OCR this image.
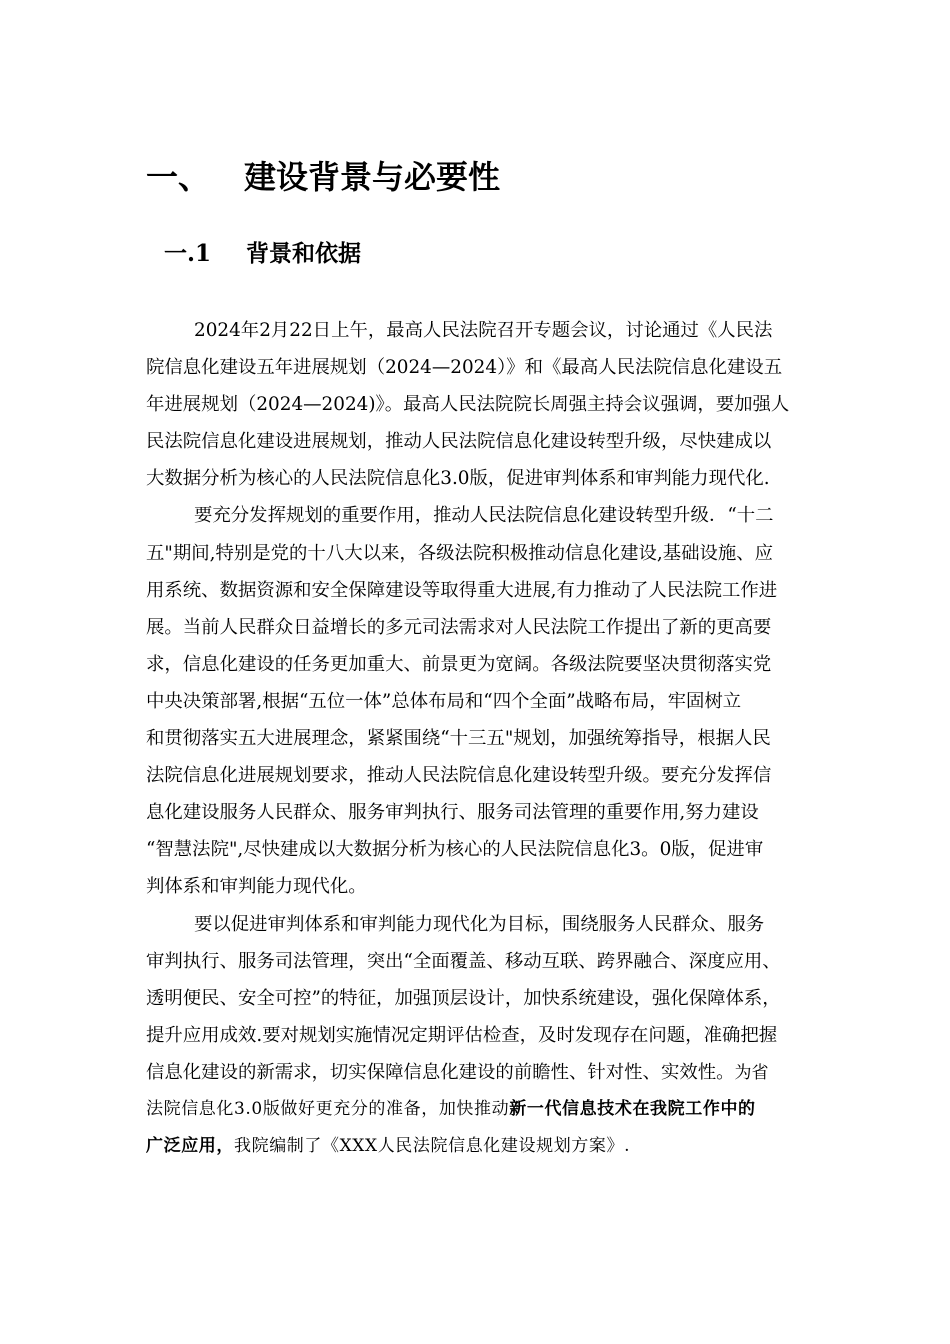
一、 建设背景与必要性
一.1 背景和依据
2024年2月22日上午，最高人民法院召开专题会议，讨论通过《人民法
院信息化建设五年进展规划（2024—2024）》和《最高人民法院信息化建设五
年进展规划（2024—2024)》。最高人民法院院长周强主持会议强调，要加强人
民法院信息化建设进展规划，推动人民法院信息化建设转型升级，尽快建成以
大数据分析为核心的人民法院信息化3.0版，促进审判体系和审判能力现代化.
要充分发挥规划的重要作用，推动人民法院信息化建设转型升级．“十二
五"期间,特别是党的十八大以来，各级法院积极推动信息化建设,基础设施、应
用系统、数据资源和安全保障建设等取得重大进展,有力推动了人民法院工作进
展。当前人民群众日益增长的多元司法需求对人民法院工作提出了新的更高要
求，信息化建设的任务更加重大、前景更为宽阔。各级法院要坚决贯彻落实党
中央决策部署,根据“五位一体”总体布局和“四个全面”战略布局，牢固树立
和贯彻落实五大进展理念，紧紧围绕“十三五"规划，加强统筹指导，根据人民
法院信息化进展规划要求，推动人民法院信息化建设转型升级。要充分发挥信
息化建设服务人民群众、服务审判执行、服务司法管理的重要作用,努力建设
“智慧法院",尽快建成以大数据分析为核心的人民法院信息化3。0版，促进审
判体系和审判能力现代化。
要以促进审判体系和审判能力现代化为目标，围绕服务人民群众、服务
审判执行、服务司法管理，突出“全面覆盖、移动互联、跨界融合、深度应用、
透明便民、安全可控”的特征，加强顶层设计，加快系统建设，强化保障体系，
提升应用成效.要对规划实施情况定期评估检查，及时发现存在问题，准确把握
信息化建设的新需求，切实保障信息化建设的前瞻性、针对性、实效性。为省
法院信息化3.0版做好更充分的准备，加快推动新一代信息技术在我院工作中的
广泛应用，我院编制了《XXX人民法院信息化建设规划方案》.
